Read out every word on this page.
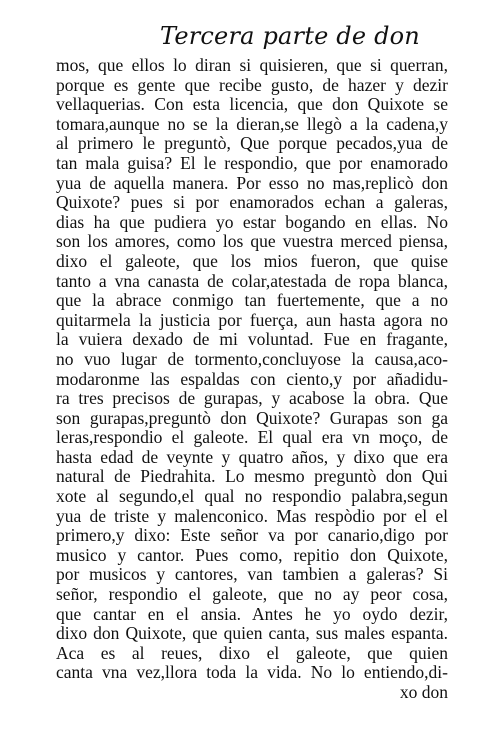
Tercera parte de don
mos, que ellos lo diran si quisieren, que si querran,
porque es gente que recibe gusto, de hazer y dezir
vellaquerias. Con esta licencia, que don Quixote se
tomara,aunque no se la dieran,se llegò a la cadena,y
al primero le preguntò, Que porque pecados,yua de
tan mala guisa? El le respondio, que por enamorado
yua de aquella manera. Por esso no mas,replicò don
Quixote? pues si por enamorados echan a galeras,
dias ha que pudiera yo estar bogando en ellas. No
son los amores, como los que vuestra merced piensa,
dixo el galeote, que los mios fueron, que quise
tanto a vna canasta de colar,atestada de ropa blanca,
que la abrace conmigo tan fuertemente, que a no
quitarmela la justicia por fuerça, aun hasta agora no
la vuiera dexado de mi voluntad. Fue en fragante,
no vuo lugar de tormento,concluyose la causa,aco-
modaronme las espaldas con ciento,y por añadidu-
ra tres precisos de gurapas, y acabose la obra. Que
son gurapas,preguntò don Quixote? Gurapas son ga
leras,respondio el galeote. El qual era vn moço, de
hasta edad de veynte y quatro años, y dixo que era
natural de Piedrahita. Lo mesmo preguntò don Qui
xote al segundo,el qual no respondio palabra,segun
yua de triste y malenconico. Mas respòdio por el el
primero,y dixo: Este señor va por canario,digo por
musico y cantor. Pues como, repitio don Quixote,
por musicos y cantores, van tambien a galeras? Si
señor, respondio el galeote, que no ay peor cosa,
que cantar en el ansia. Antes he yo oydo dezir,
dixo don Quixote, que quien canta, sus males espanta.
Aca es al reues, dixo el galeote, que quien
canta vna vez,llora toda la vida. No lo entiendo,di-
xo don
